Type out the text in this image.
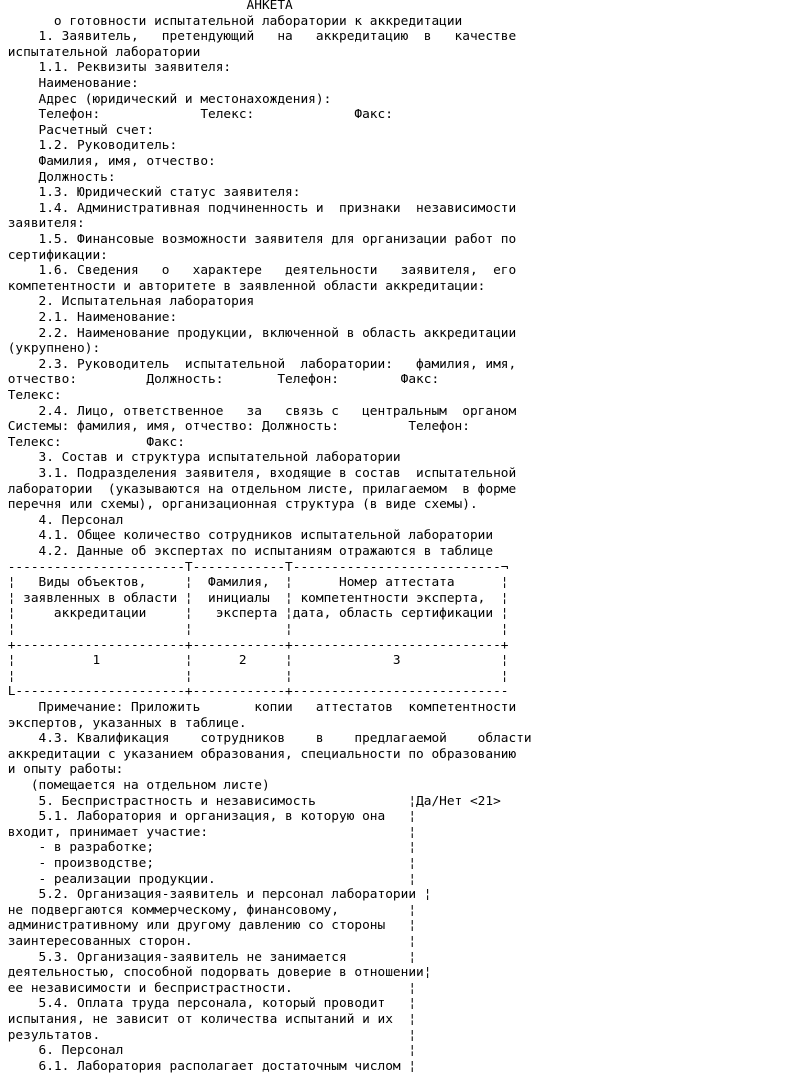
АНКЕТА
о готовности испытательной лаборатории к аккредитации
1. Заявитель,   претендующий   на   аккредитацию  в   качестве
испытательной лаборатории
1.1. Реквизиты заявителя:
Наименование:
Адрес (юридический и местонахождения):
Телефон:             Телекс:             Факс:
Расчетный счет:
1.2. Руководитель:
Фамилия, имя, отчество:
Должность:
1.3. Юридический статус заявителя:
1.4. Административная подчиненность и  признаки  независимости
заявителя:
1.5. Финансовые возможности заявителя для организации работ по
сертификации:
1.6. Сведения   о   характере   деятельности   заявителя,  его
компетентности и авторитете в заявленной области аккредитации:
2. Испытательная лаборатория
2.1. Наименование:
2.2. Наименование продукции, включенной в область аккредитации
(укрупнено):
2.3. Руководитель  испытательной  лаборатории:   фамилия, имя,
отчество:         Должность:       Телефон:        Факс:
Телекс:
2.4. Лицо, ответственное   за   связь с   центральным  органом
Системы: фамилия, имя, отчество: Должность:         Телефон:
Телекс:           Факс:
3. Состав и структура испытательной лаборатории
3.1. Подразделения заявителя, входящие в состав  испытательной
лаборатории  (указываются на отдельном листе, прилагаемом  в форме
перечня или схемы), организационная структура (в виде схемы).
4. Персонал
4.1. Общее количество сотрудников испытательной лаборатории
4.2. Данные об экспертах по испытаниям отражаются в таблице
-----------------------T------------T---------------------------¬
¦   Виды объектов,     ¦  Фамилия,  ¦      Номер аттестата      ¦
¦ заявленных в области ¦  инициалы  ¦ компетентности эксперта,  ¦
¦     аккредитации     ¦   эксперта ¦дата, область сертификации ¦
¦                      ¦            ¦                           ¦
+----------------------+------------+---------------------------+
¦          1           ¦      2     ¦             3             ¦
¦                      ¦            ¦                           ¦
L----------------------+------------+----------------------------
Примечание: Приложить       копии   аттестатов  компетентности
экспертов, указанных в таблице.
4.3. Квалификация    сотрудников    в    предлагаемой    области
аккредитации с указанием образования, специальности по образованию
и опыту работы:
(помещается на отдельном листе)
5. Беспристрастность и независимость            ¦Да/Нет <21>
5.1. Лаборатория и организация, в которую она   ¦
входит, принимает участие:                          ¦
- в разработке;                                 ¦
- производстве;                                 ¦
- реализации продукции.                         ¦
5.2. Организация-заявитель и персонал лаборатории ¦
не подвергаются коммерческому, финансовому,         ¦
административному или другому давлению со стороны   ¦
заинтересованных сторон.                            ¦
5.3. Организация-заявитель не занимается        ¦
деятельностью, способной подорвать доверие в отношении¦
ее независимости и беспристрастности.               ¦
5.4. Оплата труда персонала, который проводит   ¦
испытания, не зависит от количества испытаний и их  ¦
результатов.                                        ¦
6. Персонал                                     ¦
6.1. Лаборатория располагает достаточным числом ¦
